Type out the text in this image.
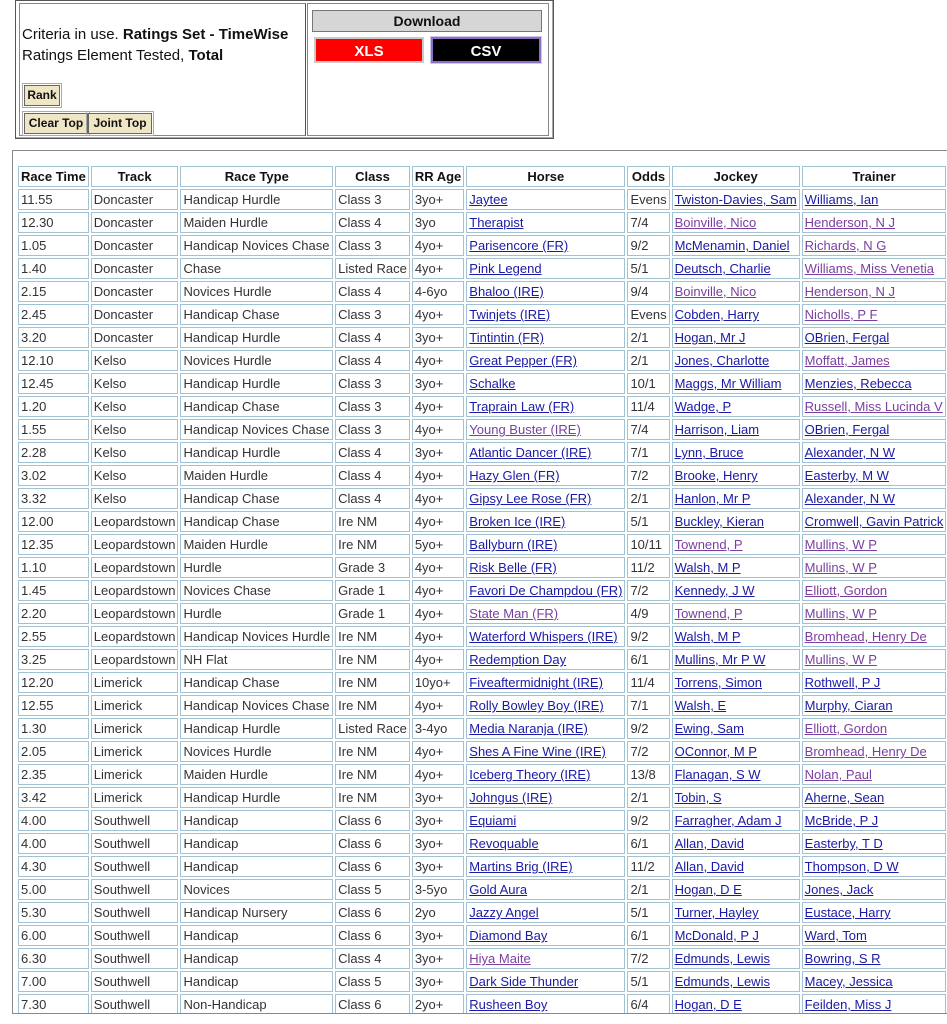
Criteria in use. Ratings Set - TimeWise
Ratings Element Tested, Total
Rank
Clear Top Joint Top
Download
XLS	CSV
Race Time	Track	Race Type	Class	RR Age	Horse	Odds	Jockey	Trainer
11.55	Doncaster	Handicap Hurdle	Class 3	3yo+	Jaytee	Evens	Twiston-Davies, Sam	Williams, Ian
12.30	Doncaster	Maiden Hurdle	Class 4	3yo	Therapist	7/4	Boinville, Nico	Henderson, N J
1.05	Doncaster	Handicap Novices Chase	Class 3	4yo+	Parisencore (FR)	9/2	McMenamin, Daniel	Richards, N G
1.40	Doncaster	Chase	Listed Race	4yo+	Pink Legend	5/1	Deutsch, Charlie	Williams, Miss Venetia
2.15	Doncaster	Novices Hurdle	Class 4	4-6yo	Bhaloo (IRE)	9/4	Boinville, Nico	Henderson, N J
2.45	Doncaster	Handicap Chase	Class 3	4yo+	Twinjets (IRE)	Evens	Cobden, Harry	Nicholls, P F
3.20	Doncaster	Handicap Hurdle	Class 4	3yo+	Tintintin (FR)	2/1	Hogan, Mr J	OBrien, Fergal
12.10	Kelso	Novices Hurdle	Class 4	4yo+	Great Pepper (FR)	2/1	Jones, Charlotte	Moffatt, James
12.45	Kelso	Handicap Hurdle	Class 3	3yo+	Schalke	10/1	Maggs, Mr William	Menzies, Rebecca
1.20	Kelso	Handicap Chase	Class 3	4yo+	Traprain Law (FR)	11/4	Wadge, P	Russell, Miss Lucinda V
1.55	Kelso	Handicap Novices Chase	Class 3	4yo+	Young Buster (IRE)	7/4	Harrison, Liam	OBrien, Fergal
2.28	Kelso	Handicap Hurdle	Class 4	3yo+	Atlantic Dancer (IRE)	7/1	Lynn, Bruce	Alexander, N W
3.02	Kelso	Maiden Hurdle	Class 4	4yo+	Hazy Glen (FR)	7/2	Brooke, Henry	Easterby, M W
3.32	Kelso	Handicap Chase	Class 4	4yo+	Gipsy Lee Rose (FR)	2/1	Hanlon, Mr P	Alexander, N W
12.00	Leopardstown	Handicap Chase	Ire NM	4yo+	Broken Ice (IRE)	5/1	Buckley, Kieran	Cromwell, Gavin Patrick
12.35	Leopardstown	Maiden Hurdle	Ire NM	5yo+	Ballyburn (IRE)	10/11	Townend, P	Mullins, W P
1.10	Leopardstown	Hurdle	Grade 3	4yo+	Risk Belle (FR)	11/2	Walsh, M P	Mullins, W P
1.45	Leopardstown	Novices Chase	Grade 1	4yo+	Favori De Champdou (FR)	7/2	Kennedy, J W	Elliott, Gordon
2.20	Leopardstown	Hurdle	Grade 1	4yo+	State Man (FR)	4/9	Townend, P	Mullins, W P
2.55	Leopardstown	Handicap Novices Hurdle	Ire NM	4yo+	Waterford Whispers (IRE)	9/2	Walsh, M P	Bromhead, Henry De
3.25	Leopardstown	NH Flat	Ire NM	4yo+	Redemption Day	6/1	Mullins, Mr P W	Mullins, W P
12.20	Limerick	Handicap Chase	Ire NM	10yo+	Fiveaftermidnight (IRE)	11/4	Torrens, Simon	Rothwell, P J
12.55	Limerick	Handicap Novices Chase	Ire NM	4yo+	Rolly Bowley Boy (IRE)	7/1	Walsh, E	Murphy, Ciaran
1.30	Limerick	Handicap Hurdle	Listed Race	3-4yo	Media Naranja (IRE)	9/2	Ewing, Sam	Elliott, Gordon
2.05	Limerick	Novices Hurdle	Ire NM	4yo+	Shes A Fine Wine (IRE)	7/2	OConnor, M P	Bromhead, Henry De
2.35	Limerick	Maiden Hurdle	Ire NM	4yo+	Iceberg Theory (IRE)	13/8	Flanagan, S W	Nolan, Paul
3.42	Limerick	Handicap Hurdle	Ire NM	3yo+	Johngus (IRE)	2/1	Tobin, S	Aherne, Sean
4.00	Southwell	Handicap	Class 6	3yo+	Equiami	9/2	Farragher, Adam J	McBride, P J
4.00	Southwell	Handicap	Class 6	3yo+	Revoquable	6/1	Allan, David	Easterby, T D
4.30	Southwell	Handicap	Class 6	3yo+	Martins Brig (IRE)	11/2	Allan, David	Thompson, D W
5.00	Southwell	Novices	Class 5	3-5yo	Gold Aura	2/1	Hogan, D E	Jones, Jack
5.30	Southwell	Handicap Nursery	Class 6	2yo	Jazzy Angel	5/1	Turner, Hayley	Eustace, Harry
6.00	Southwell	Handicap	Class 6	3yo+	Diamond Bay	6/1	McDonald, P J	Ward, Tom
6.30	Southwell	Handicap	Class 4	3yo+	Hiya Maite	7/2	Edmunds, Lewis	Bowring, S R
7.00	Southwell	Handicap	Class 5	3yo+	Dark Side Thunder	5/1	Edmunds, Lewis	Macey, Jessica
7.30	Southwell	Non-Handicap	Class 6	2yo+	Rusheen Boy	6/4	Hogan, D E	Feilden, Miss J
